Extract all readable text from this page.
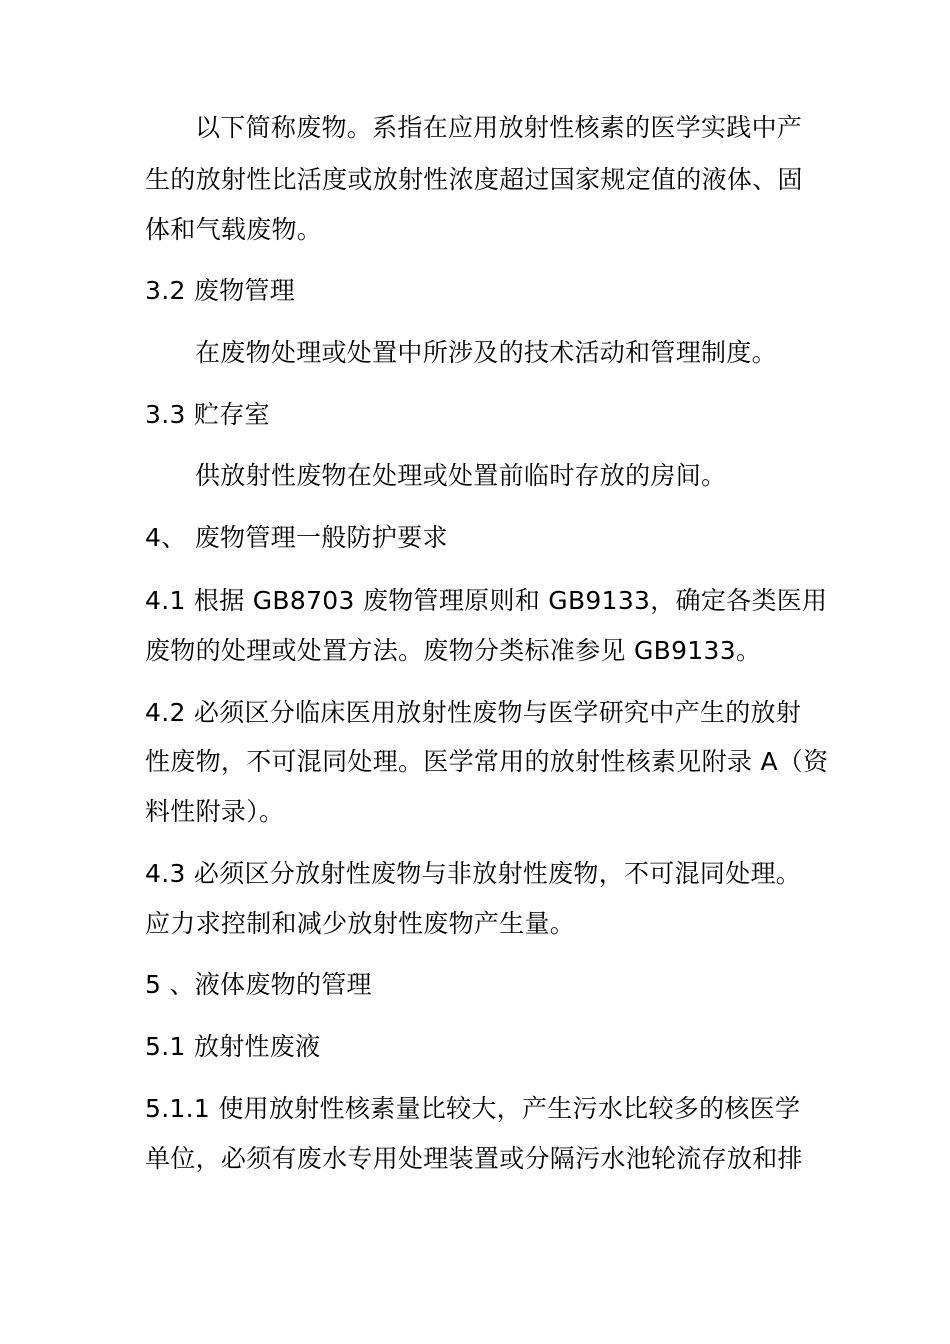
以下简称废物。系指在应用放射性核素的医学实践中产
生的放射性比活度或放射性浓度超过国家规定值的液体、固
体和气载废物。
3.2 废物管理
在废物处理或处置中所涉及的技术活动和管理制度。
3.3 贮存室
供放射性废物在处理或处置前临时存放的房间。
4、 废物管理一般防护要求
4.1 根据 GB8703 废物管理原则和 GB9133，确定各类医用
废物的处理或处置方法。废物分类标准参见 GB9133。
4.2 必须区分临床医用放射性废物与医学研究中产生的放射
性废物，不可混同处理。医学常用的放射性核素见附录 A（资
料性附录）。
4.3 必须区分放射性废物与非放射性废物，不可混同处理。
应力求控制和减少放射性废物产生量。
5 、液体废物的管理
5.1 放射性废液
5.1.1 使用放射性核素量比较大，产生污水比较多的核医学
单位，必须有废水专用处理装置或分隔污水池轮流存放和排
